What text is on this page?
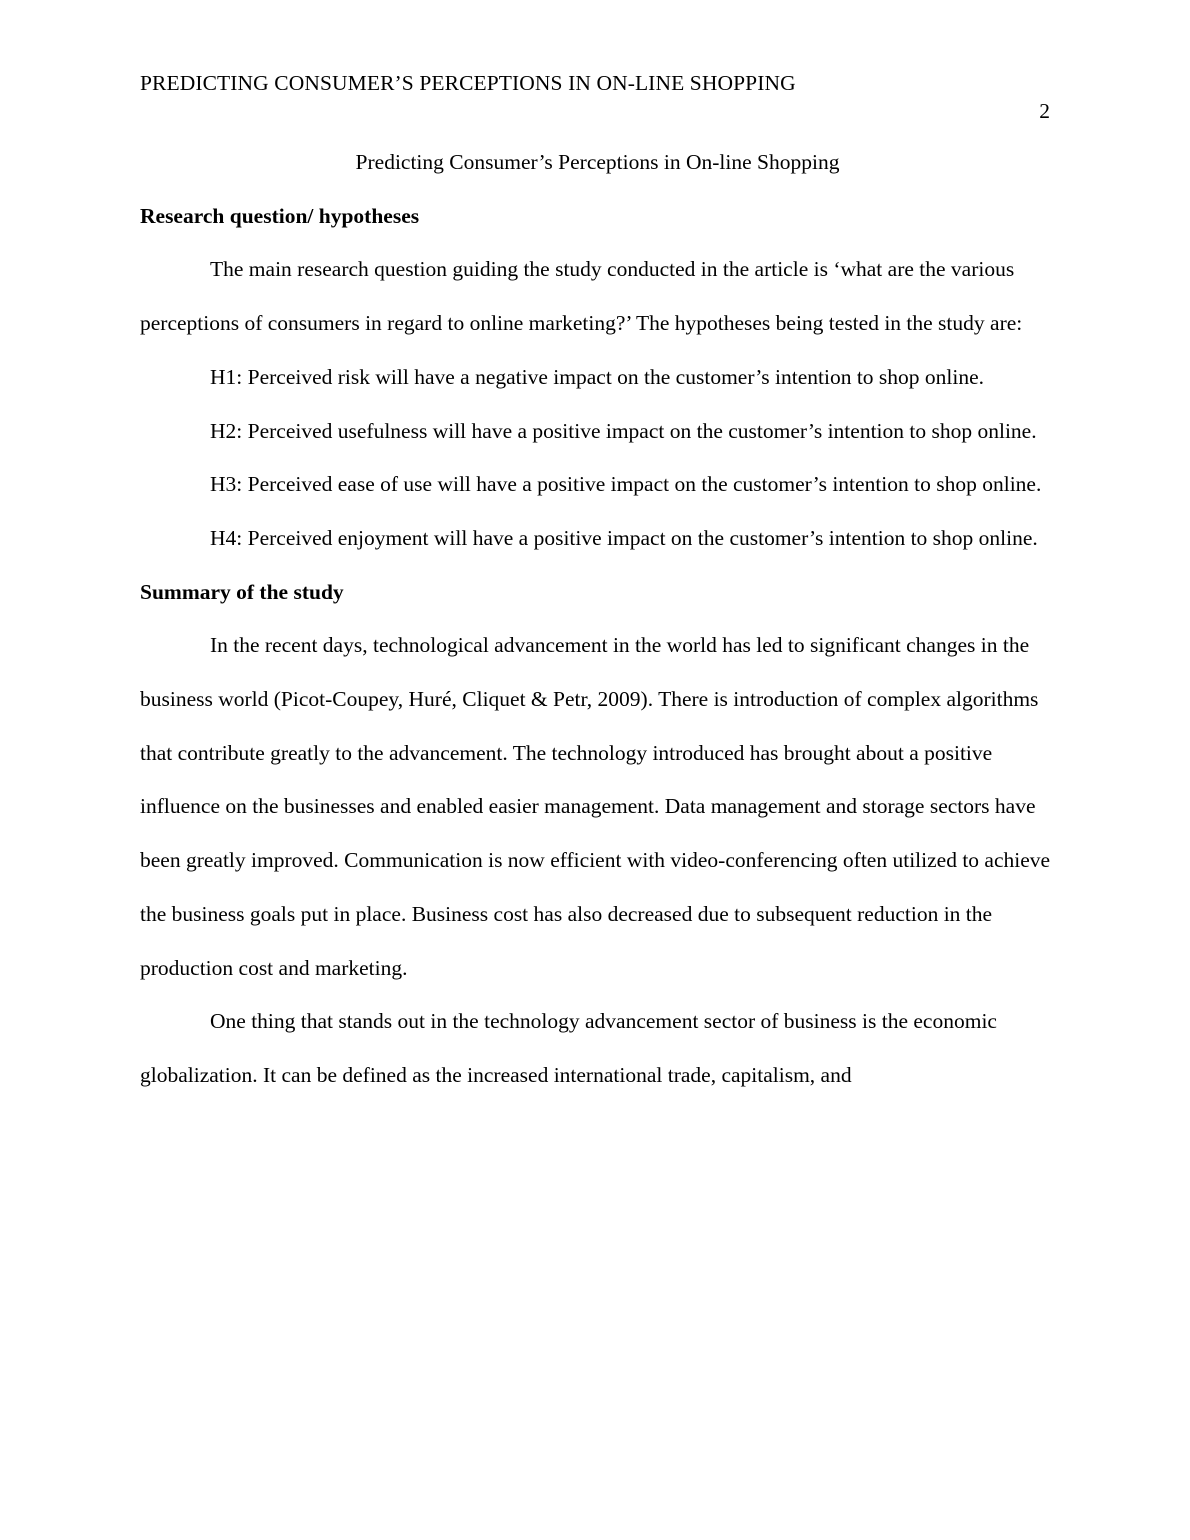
PREDICTING CONSUMER’S PERCEPTIONS IN ON-LINE SHOPPING
2

Predicting Consumer’s Perceptions in On-line Shopping

Research question/ hypotheses

The main research question guiding the study conducted in the article is ‘what are the various perceptions of consumers in regard to online marketing?’ The hypotheses being tested in the study are:

H1: Perceived risk will have a negative impact on the customer’s intention to shop online.

H2: Perceived usefulness will have a positive impact on the customer’s intention to shop online.

H3: Perceived ease of use will have a positive impact on the customer’s intention to shop online.

H4: Perceived enjoyment will have a positive impact on the customer’s intention to shop online.

Summary of the study

In the recent days, technological advancement in the world has led to significant changes in the business world (Picot-Coupey, Huré, Cliquet & Petr, 2009). There is introduction of complex algorithms that contribute greatly to the advancement. The technology introduced has brought about a positive influence on the businesses and enabled easier management. Data management and storage sectors have been greatly improved. Communication is now efficient with video-conferencing often utilized to achieve the business goals put in place. Business cost has also decreased due to subsequent reduction in the production cost and marketing.

One thing that stands out in the technology advancement sector of business is the economic globalization. It can be defined as the increased international trade, capitalism, and
